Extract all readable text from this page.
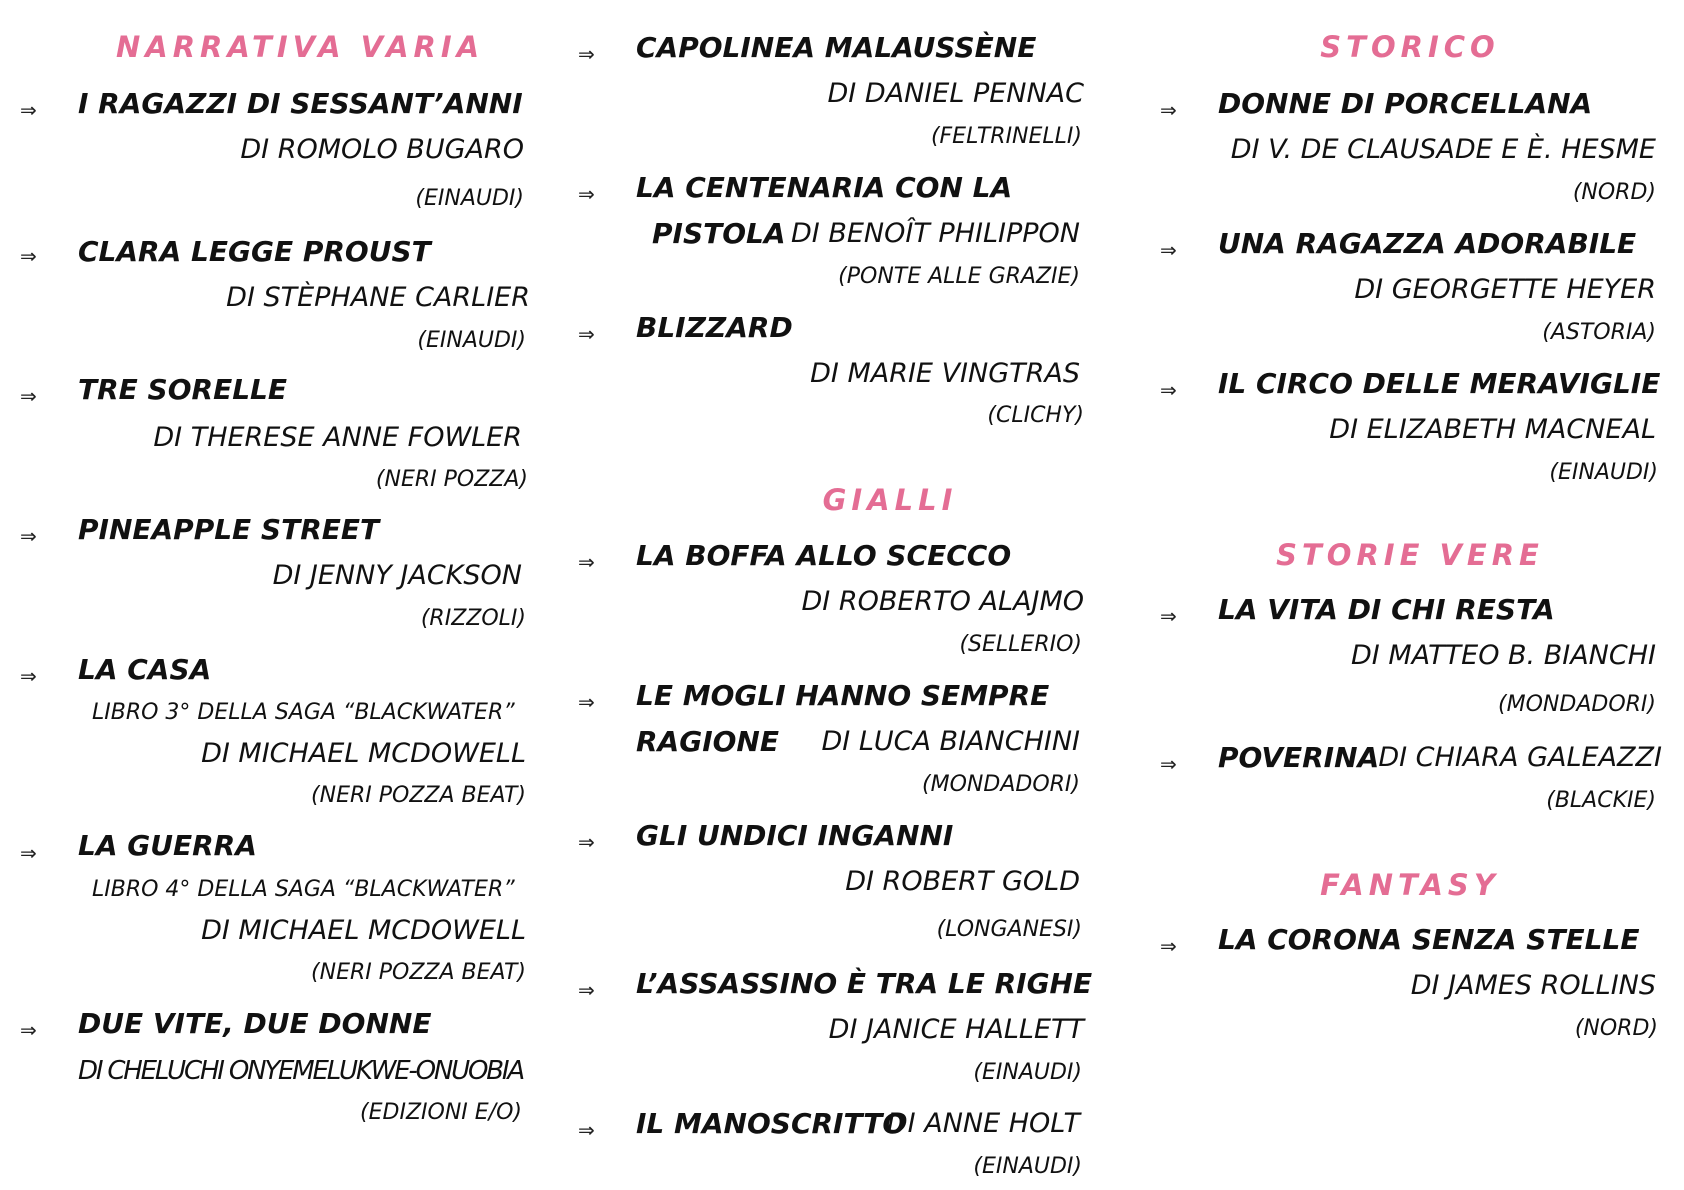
NARRATIVA VARIA
⇒ I RAGAZZI DI SESSANT’ANNI
DI ROMOLO BUGARO
(EINAUDI)
⇒ CLARA LEGGE PROUST
DI STÈPHANE CARLIER
(EINAUDI)
⇒ TRE SORELLE
DI THERESE ANNE FOWLER
(NERI POZZA)
⇒ PINEAPPLE STREET
DI JENNY JACKSON
(RIZZOLI)
⇒ LA CASA
LIBRO 3° DELLA SAGA “BLACKWATER”
DI MICHAEL MCDOWELL
(NERI POZZA BEAT)
⇒ LA GUERRA
LIBRO 4° DELLA SAGA “BLACKWATER”
DI MICHAEL MCDOWELL
(NERI POZZA BEAT)
⇒ DUE VITE, DUE DONNE
DI CHELUCHI ONYEMELUKWE-ONUOBIA
(EDIZIONI E/O)
⇒ CAPOLINEA MALAUSSÈNE
DI DANIEL PENNAC
(FELTRINELLI)
⇒ LA CENTENARIA CON LA
PISTOLA DI BENOÎT PHILIPPON
(PONTE ALLE GRAZIE)
⇒ BLIZZARD
DI MARIE VINGTRAS
(CLICHY)
GIALLI
⇒ LA BOFFA ALLO SCECCO
DI ROBERTO ALAJMO
(SELLERIO)
⇒ LE MOGLI HANNO SEMPRE
RAGIONE DI LUCA BIANCHINI
(MONDADORI)
⇒ GLI UNDICI INGANNI
DI ROBERT GOLD
(LONGANESI)
⇒ L’ASSASSINO È TRA LE RIGHE
DI JANICE HALLETT
(EINAUDI)
⇒ IL MANOSCRITTO
DI ANNE HOLT
(EINAUDI)
STORICO
⇒ DONNE DI PORCELLANA
DI V. DE CLAUSADE E È. HESME
(NORD)
⇒ UNA RAGAZZA ADORABILE
DI GEORGETTE HEYER
(ASTORIA)
⇒ IL CIRCO DELLE MERAVIGLIE
DI ELIZABETH MACNEAL
(EINAUDI)
STORIE VERE
⇒ LA VITA DI CHI RESTA
DI MATTEO B. BIANCHI
(MONDADORI)
⇒ POVERINA DI CHIARA GALEAZZI
(BLACKIE)
FANTASY
⇒ LA CORONA SENZA STELLE
DI JAMES ROLLINS
(NORD)
